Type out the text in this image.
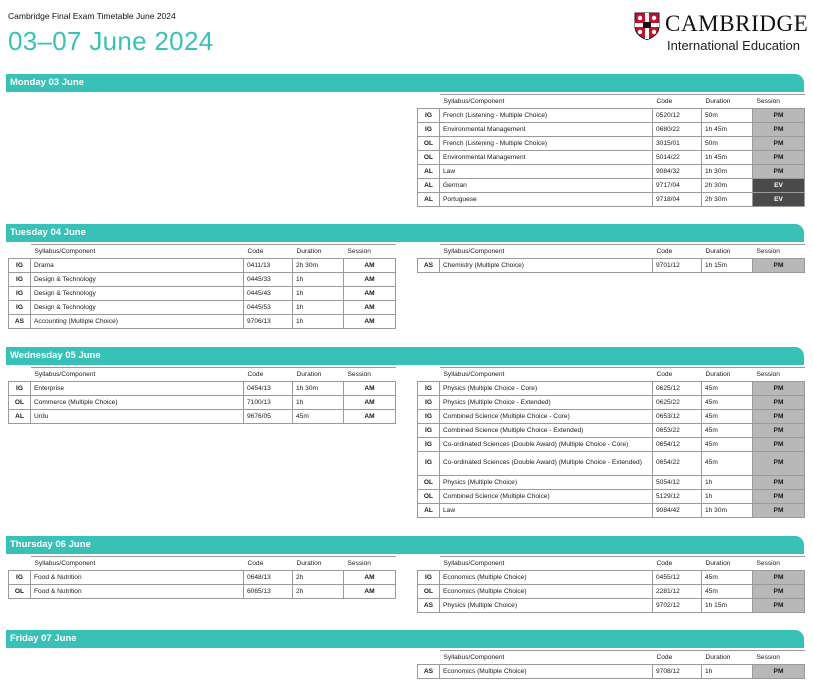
Cambridge Final Exam Timetable June 2024
03–07 June 2024
CAMBRIDGE
International Education
Monday 03 June
	Syllabus/Component	Code	Duration	Session
IG	French (Listening - Multiple Choice)	0520/12	50m	PM
IG	Environmental Management	0680/22	1h 45m	PM
OL	French (Listening - Multiple Choice)	3015/01	50m	PM
OL	Environmental Management	5014/22	1h 45m	PM
AL	Law	9084/32	1h 30m	PM
AL	German	9717/04	2h 30m	EV
AL	Portuguese	9718/04	2h 30m	EV
Tuesday 04 June
	Syllabus/Component	Code	Duration	Session
IG	Drama	0411/13	2h 30m	AM
IG	Design & Technology	0445/33	1h	AM
IG	Design & Technology	0445/43	1h	AM
IG	Design & Technology	0445/53	1h	AM
AS	Accounting (Multiple Choice)	9706/13	1h	AM
	Syllabus/Component	Code	Duration	Session
AS	Chemistry (Multiple Choice)	9701/12	1h 15m	PM
Wednesday 05 June
	Syllabus/Component	Code	Duration	Session
IG	Enterprise	0454/13	1h 30m	AM
OL	Commerce (Multiple Choice)	7100/13	1h	AM
AL	Urdu	9676/05	45m	AM
	Syllabus/Component	Code	Duration	Session
IG	Physics (Multiple Choice - Core)	0625/12	45m	PM
IG	Physics (Multiple Choice - Extended)	0625/22	45m	PM
IG	Combined Science (Multiple Choice - Core)	0653/12	45m	PM
IG	Combined Science (Multiple Choice - Extended)	0653/22	45m	PM
IG	Co-ordinated Sciences (Double Award) (Multiple Choice - Core)	0654/12	45m	PM
IG	Co-ordinated Sciences (Double Award) (Multiple Choice - Extended)	0654/22	45m	PM
OL	Physics (Multiple Choice)	5054/12	1h	PM
OL	Combined Science (Multiple Choice)	5129/12	1h	PM
AL	Law	9084/42	1h 30m	PM
Thursday 06 June
	Syllabus/Component	Code	Duration	Session
IG	Food & Nutrition	0648/13	2h	AM
OL	Food & Nutrition	6065/13	2h	AM
	Syllabus/Component	Code	Duration	Session
IG	Economics (Multiple Choice)	0455/12	45m	PM
OL	Economics (Multiple Choice)	2281/12	45m	PM
AS	Physics (Multiple Choice)	9702/12	1h 15m	PM
Friday 07 June
	Syllabus/Component	Code	Duration	Session
AS	Economics (Multiple Choice)	9708/12	1h	PM
